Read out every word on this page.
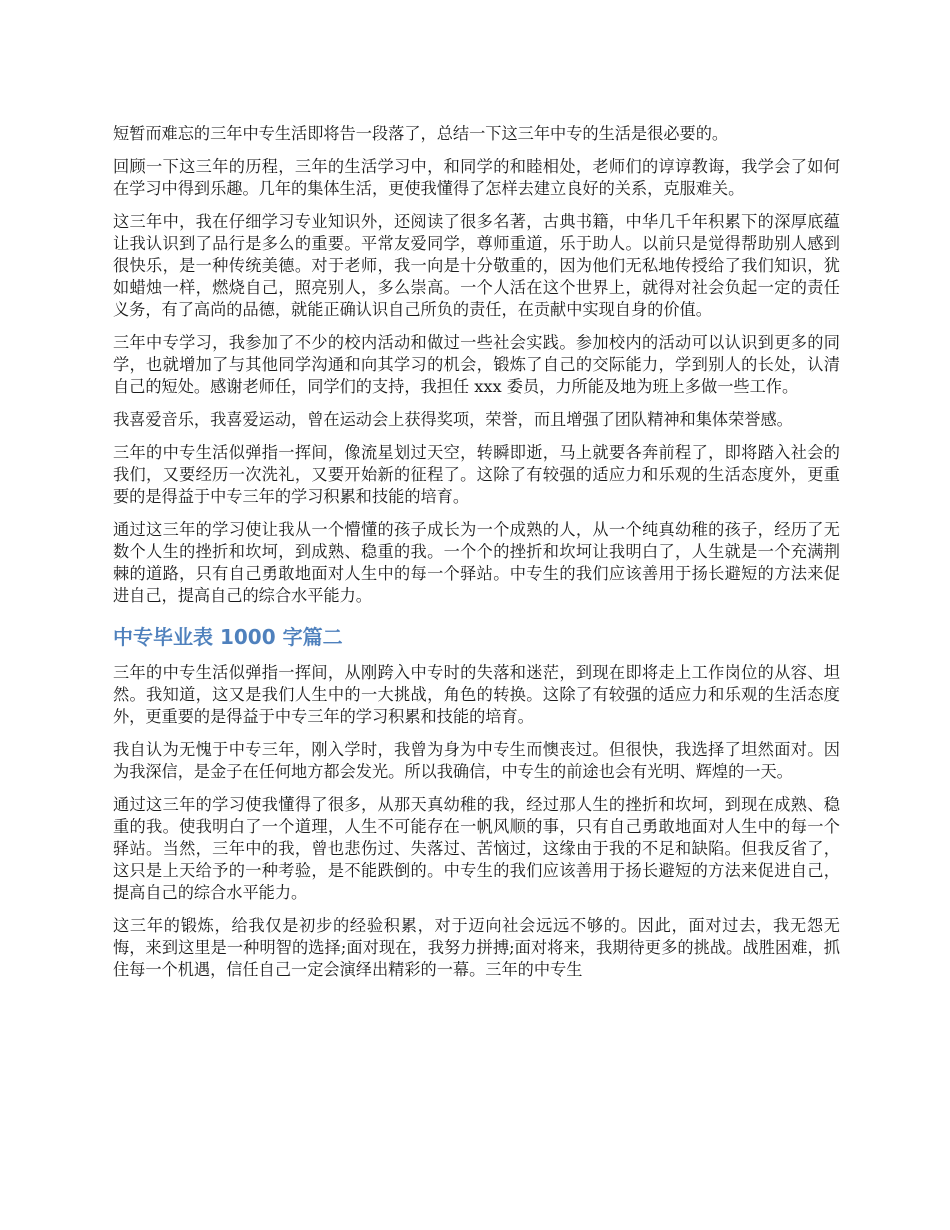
短暂而难忘的三年中专生活即将告一段落了，总结一下这三年中专的生活是很必要的。

回顾一下这三年的历程，三年的生活学习中，和同学的和睦相处，老师们的谆谆教诲，我学会了如何在学习中得到乐趣。几年的集体生活，更使我懂得了怎样去建立良好的关系，克服难关。

这三年中，我在仔细学习专业知识外，还阅读了很多名著，古典书籍，中华几千年积累下的深厚底蕴让我认识到了品行是多么的重要。平常友爱同学，尊师重道，乐于助人。以前只是觉得帮助别人感到很快乐，是一种传统美德。对于老师，我一向是十分敬重的，因为他们无私地传授给了我们知识，犹如蜡烛一样，燃烧自己，照亮别人，多么崇高。一个人活在这个世界上，就得对社会负起一定的责任义务，有了高尚的品德，就能正确认识自己所负的责任，在贡献中实现自身的价值。

三年中专学习，我参加了不少的校内活动和做过一些社会实践。参加校内的活动可以认识到更多的同学，也就增加了与其他同学沟通和向其学习的机会，锻炼了自己的交际能力，学到别人的长处，认清自己的短处。感谢老师任，同学们的支持，我担任 xxx 委员，力所能及地为班上多做一些工作。

我喜爱音乐，我喜爱运动，曾在运动会上获得奖项，荣誉，而且增强了团队精神和集体荣誉感。

三年的中专生活似弹指一挥间，像流星划过天空，转瞬即逝，马上就要各奔前程了，即将踏入社会的我们，又要经历一次洗礼，又要开始新的征程了。这除了有较强的适应力和乐观的生活态度外，更重要的是得益于中专三年的学习积累和技能的培育。

通过这三年的学习使让我从一个懵懂的孩子成长为一个成熟的人，从一个纯真幼稚的孩子，经历了无数个人生的挫折和坎坷，到成熟、稳重的我。一个个的挫折和坎坷让我明白了，人生就是一个充满荆棘的道路，只有自己勇敢地面对人生中的每一个驿站。中专生的我们应该善用于扬长避短的方法来促进自己，提高自己的综合水平能力。

中专毕业表 1000 字篇二

三年的中专生活似弹指一挥间，从刚跨入中专时的失落和迷茫，到现在即将走上工作岗位的从容、坦然。我知道，这又是我们人生中的一大挑战，角色的转换。这除了有较强的适应力和乐观的生活态度外，更重要的是得益于中专三年的学习积累和技能的培育。

我自认为无愧于中专三年，刚入学时，我曾为身为中专生而懊丧过。但很快，我选择了坦然面对。因为我深信，是金子在任何地方都会发光。所以我确信，中专生的前途也会有光明、辉煌的一天。

通过这三年的学习使我懂得了很多，从那天真幼稚的我，经过那人生的挫折和坎坷，到现在成熟、稳重的我。使我明白了一个道理，人生不可能存在一帆风顺的事，只有自己勇敢地面对人生中的每一个驿站。当然，三年中的我，曾也悲伤过、失落过、苦恼过，这缘由于我的不足和缺陷。但我反省了，这只是上天给予的一种考验，是不能跌倒的。中专生的我们应该善用于扬长避短的方法来促进自己，提高自己的综合水平能力。

这三年的锻炼，给我仅是初步的经验积累，对于迈向社会远远不够的。因此，面对过去，我无怨无悔，来到这里是一种明智的选择;面对现在，我努力拼搏;面对将来，我期待更多的挑战。战胜困难，抓住每一个机遇，信任自己一定会演绎出精彩的一幕。三年的中专生
